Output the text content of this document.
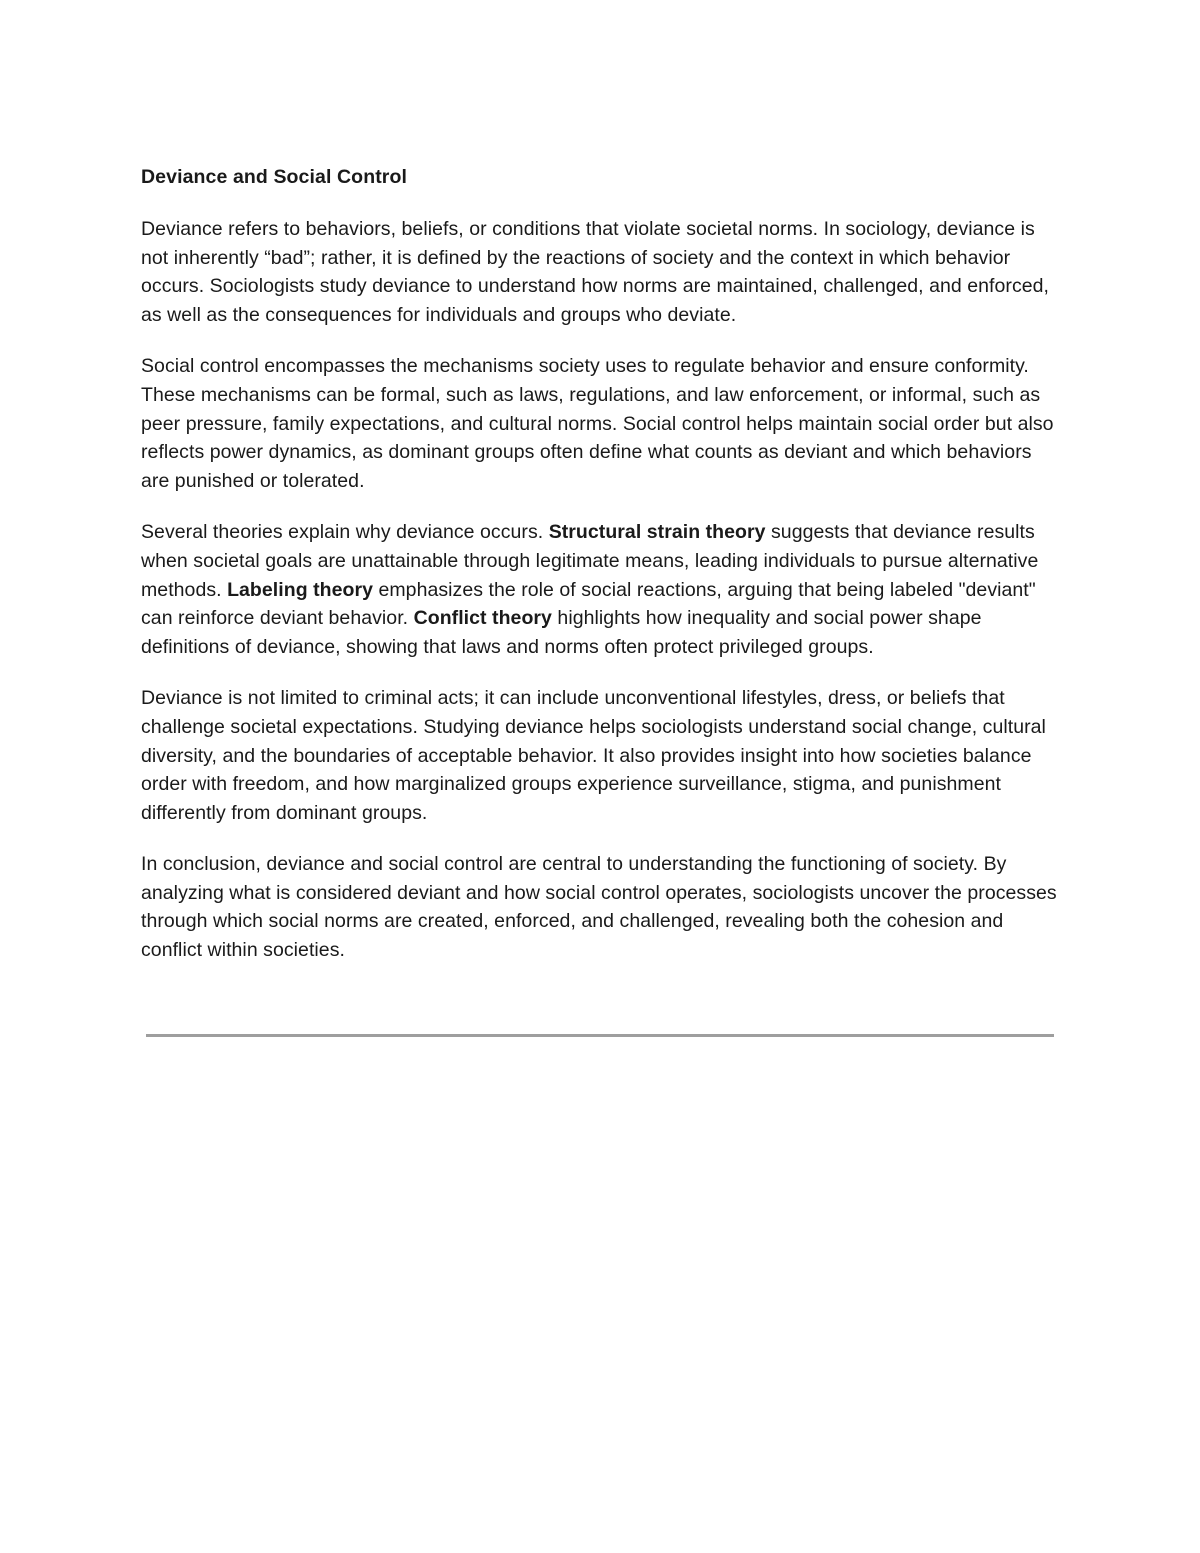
Deviance and Social Control

Deviance refers to behaviors, beliefs, or conditions that violate societal norms. In sociology, deviance is not inherently “bad”; rather, it is defined by the reactions of society and the context in which behavior occurs. Sociologists study deviance to understand how norms are maintained, challenged, and enforced, as well as the consequences for individuals and groups who deviate.

Social control encompasses the mechanisms society uses to regulate behavior and ensure conformity. These mechanisms can be formal, such as laws, regulations, and law enforcement, or informal, such as peer pressure, family expectations, and cultural norms. Social control helps maintain social order but also reflects power dynamics, as dominant groups often define what counts as deviant and which behaviors are punished or tolerated.

Several theories explain why deviance occurs. Structural strain theory suggests that deviance results when societal goals are unattainable through legitimate means, leading individuals to pursue alternative methods. Labeling theory emphasizes the role of social reactions, arguing that being labeled "deviant" can reinforce deviant behavior. Conflict theory highlights how inequality and social power shape definitions of deviance, showing that laws and norms often protect privileged groups.

Deviance is not limited to criminal acts; it can include unconventional lifestyles, dress, or beliefs that challenge societal expectations. Studying deviance helps sociologists understand social change, cultural diversity, and the boundaries of acceptable behavior. It also provides insight into how societies balance order with freedom, and how marginalized groups experience surveillance, stigma, and punishment differently from dominant groups.

In conclusion, deviance and social control are central to understanding the functioning of society. By analyzing what is considered deviant and how social control operates, sociologists uncover the processes through which social norms are created, enforced, and challenged, revealing both the cohesion and conflict within societies.
